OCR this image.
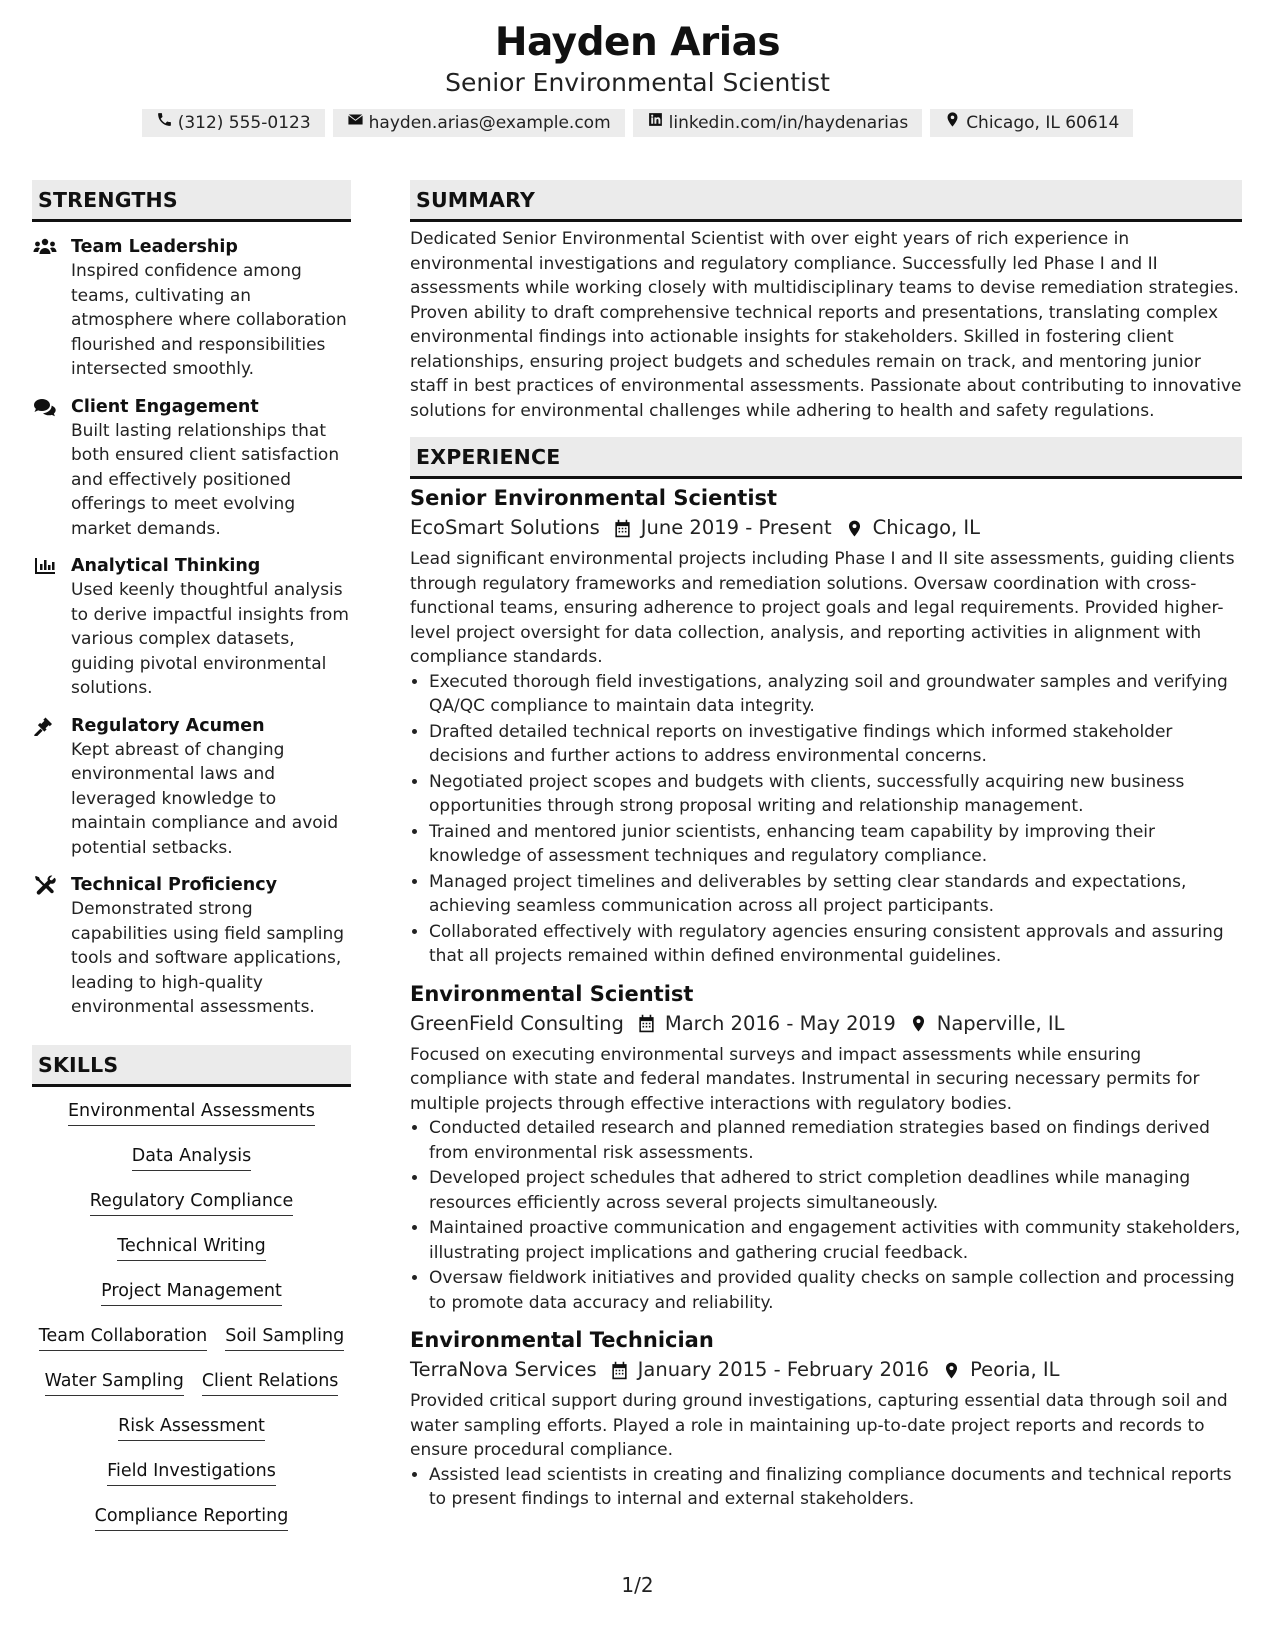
Hayden Arias
Senior Environmental Scientist
(312) 555-0123	hayden.arias@example.com	linkedin.com/in/haydenarias	Chicago, IL 60614
STRENGTHS
Team Leadership
Inspired confidence among teams, cultivating an atmosphere where collaboration flourished and responsibilities intersected smoothly.
Client Engagement
Built lasting relationships that both ensured client satisfaction and effectively positioned offerings to meet evolving market demands.
Analytical Thinking
Used keenly thoughtful analysis to derive impactful insights from various complex datasets, guiding pivotal environmental solutions.
Regulatory Acumen
Kept abreast of changing environmental laws and leveraged knowledge to maintain compliance and avoid potential setbacks.
Technical Proficiency
Demonstrated strong capabilities using field sampling tools and software applications, leading to high-quality environmental assessments.
SKILLS
Environmental Assessments
Data Analysis
Regulatory Compliance
Technical Writing
Project Management
Team Collaboration Soil Sampling
Water Sampling Client Relations
Risk Assessment
Field Investigations
Compliance Reporting
SUMMARY
Dedicated Senior Environmental Scientist with over eight years of rich experience in environmental investigations and regulatory compliance. Successfully led Phase I and II assessments while working closely with multidisciplinary teams to devise remediation strategies. Proven ability to draft comprehensive technical reports and presentations, translating complex environmental findings into actionable insights for stakeholders. Skilled in fostering client relationships, ensuring project budgets and schedules remain on track, and mentoring junior staff in best practices of environmental assessments. Passionate about contributing to innovative solutions for environmental challenges while adhering to health and safety regulations.
EXPERIENCE
Senior Environmental Scientist
EcoSmart Solutions June 2019 - Present Chicago, IL
Lead significant environmental projects including Phase I and II site assessments, guiding clients through regulatory frameworks and remediation solutions. Oversaw coordination with cross-functional teams, ensuring adherence to project goals and legal requirements. Provided higher-level project oversight for data collection, analysis, and reporting activities in alignment with compliance standards.
• Executed thorough field investigations, analyzing soil and groundwater samples and verifying QA/QC compliance to maintain data integrity.
• Drafted detailed technical reports on investigative findings which informed stakeholder decisions and further actions to address environmental concerns.
• Negotiated project scopes and budgets with clients, successfully acquiring new business opportunities through strong proposal writing and relationship management.
• Trained and mentored junior scientists, enhancing team capability by improving their knowledge of assessment techniques and regulatory compliance.
• Managed project timelines and deliverables by setting clear standards and expectations, achieving seamless communication across all project participants.
• Collaborated effectively with regulatory agencies ensuring consistent approvals and assuring that all projects remained within defined environmental guidelines.
Environmental Scientist
GreenField Consulting March 2016 - May 2019 Naperville, IL
Focused on executing environmental surveys and impact assessments while ensuring compliance with state and federal mandates. Instrumental in securing necessary permits for multiple projects through effective interactions with regulatory bodies.
• Conducted detailed research and planned remediation strategies based on findings derived from environmental risk assessments.
• Developed project schedules that adhered to strict completion deadlines while managing resources efficiently across several projects simultaneously.
• Maintained proactive communication and engagement activities with community stakeholders, illustrating project implications and gathering crucial feedback.
• Oversaw fieldwork initiatives and provided quality checks on sample collection and processing to promote data accuracy and reliability.
Environmental Technician
TerraNova Services January 2015 - February 2016 Peoria, IL
Provided critical support during ground investigations, capturing essential data through soil and water sampling efforts. Played a role in maintaining up-to-date project reports and records to ensure procedural compliance.
• Assisted lead scientists in creating and finalizing compliance documents and technical reports to present findings to internal and external stakeholders.
1/2
